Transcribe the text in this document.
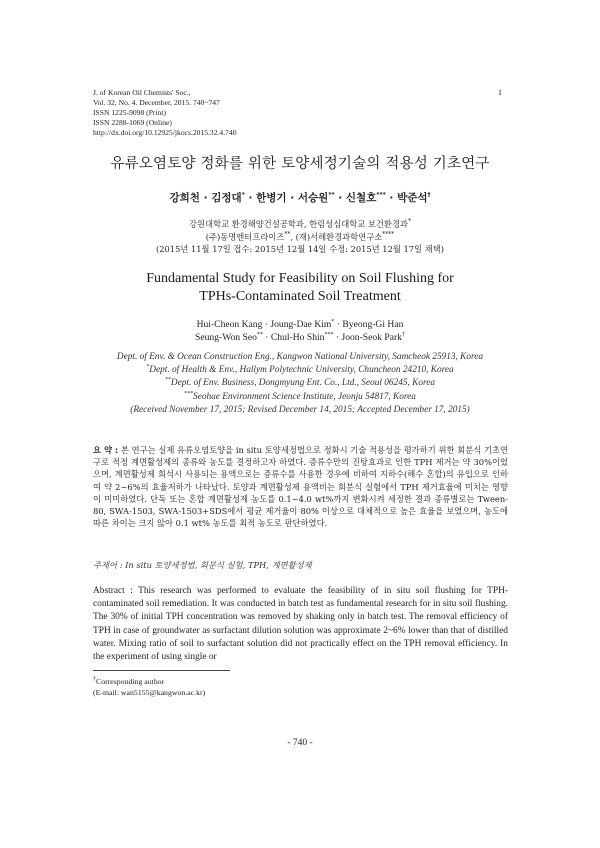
J. of Korean Oil Chemists' Soc.,
Vol. 32, No. 4. December, 2015. 740~747
ISSN 1225-9098 (Print)
ISSN 2288-1069 (Online)
http://dx.doi.org/10.12925/jkocs.2015.32.4.740
1
유류오염토양 정화를 위한 토양세정기술의 적용성 기초연구
강희천 · 김정대* · 한병기 · 서승원** · 신철호*** · 박준석†
강원대학교 환경해양건설공학과, 한림성심대학교 보건환경과*
(주)동명엔터프라이즈**, (재)서해환경과학연구소****
(2015년 11월 17일 접수: 2015년 12월 14일 수정: 2015년 12월 17일 채택)
Fundamental Study for Feasibility on Soil Flushing for
TPHs-Contaminated Soil Treatment
Hui-Cheon Kang · Joung-Dae Kim* · Byeong-Gi Han
Seung-Won Seo** · Chul-Ho Shin*** · Joon-Seok Park†
Dept. of Env. & Ocean Construction Eng., Kangwon National University, Samcheok 25913, Korea
*Dept. of Health & Env., Hallym Polytechnic University, Chuncheon 24210, Korea
**Dept. of Env. Business, Dongmyung Ent. Co., Ltd., Seoul 06245, Korea
***Seohae Environment Science Institute, Jeonju 54817, Korea
(Received November 17, 2015; Revised December 14, 2015; Accepted December 17, 2015)
요 약 : 본 연구는 실제 유류오염토양을 in situ 토양세정법으로 정화시 기술 적용성을 평가하기 위한 회분식 기초연구로 적정 계면활성제의 종류와 농도를 결정하고자 하였다. 증류수만의 진탕효과로 인한 TPH 제거는 약 30%이었으며, 계면활성제 희석시 사용되는 용액으로는 증류수를 사용한 경우에 비하여 지하수(해수 혼합)의 유입으로 인하여 약 2~6%의 효율저하가 나타났다. 토양과 계면활성제 용액비는 회분식 실험에서 TPH 제거효율에 미치는 영향이 미미하였다. 단독 또는 혼합 계면활성제 농도를 0.1~4.0 wt%까지 변화시켜 세정한 결과 종류별로는 Tween-80, SWA-1503, SWA-1503+SDS에서 평균 제거율이 80% 이상으로 대체적으로 높은 효율을 보였으며, 농도에 따른 차이는 크지 않아 0.1 wt% 농도를 최적 농도로 판단하였다.
주제어 : In situ 토양세정법, 회분식 실험, TPH, 계면활성제
Abstract : This research was performed to evaluate the feasibility of in situ soil flushing for TPH-contaminated soil remediation. It was conducted in batch test as fundamental research for in situ soil flushing. The 30% of initial TPH concentration was removed by shaking only in batch test. The removal efficiency of TPH in case of groundwater as surfactant dilution solution was approximate 2~6% lower than that of distilled water. Mixing ratio of soil to surfactant solution did not practically effect on the TPH removal efficiency. In the experiment of using single or
†Corresponding author
(E-mail: wan5155@kangwon.ac.kr)
- 740 -
